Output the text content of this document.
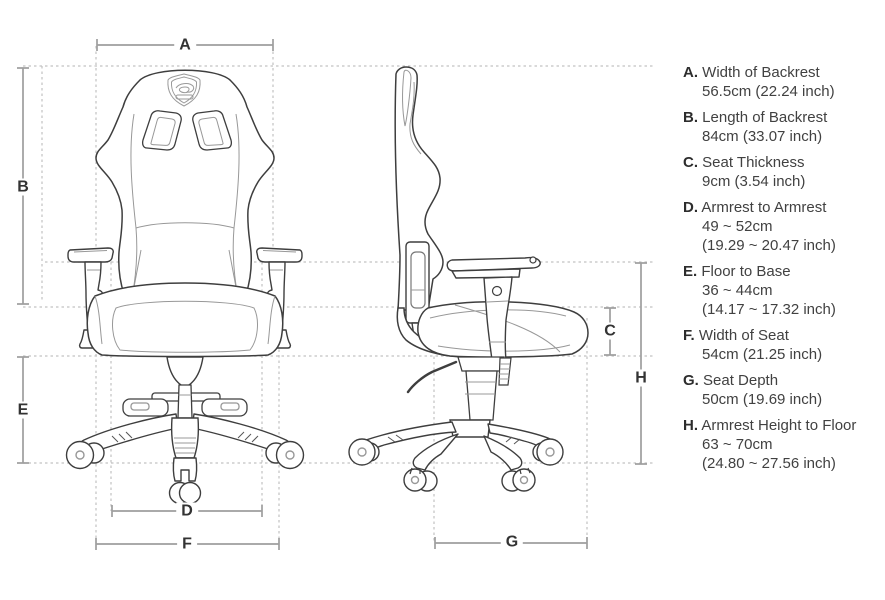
A
B
C
D
E
F	G
H
A. Width of Backrest
56.5cm (22.24 inch)
B. Length of Backrest
84cm (33.07 inch)
C. Seat Thickness
9cm (3.54 inch)
D. Armrest to Armrest
49 ~ 52cm
(19.29 ~ 20.47 inch)
E. Floor to Base
36 ~ 44cm
(14.17 ~ 17.32 inch)
F. Width of Seat
54cm (21.25 inch)
G. Seat Depth
50cm (19.69 inch)
H. Armrest Height to Floor
63 ~ 70cm
(24.80 ~ 27.56 inch)
